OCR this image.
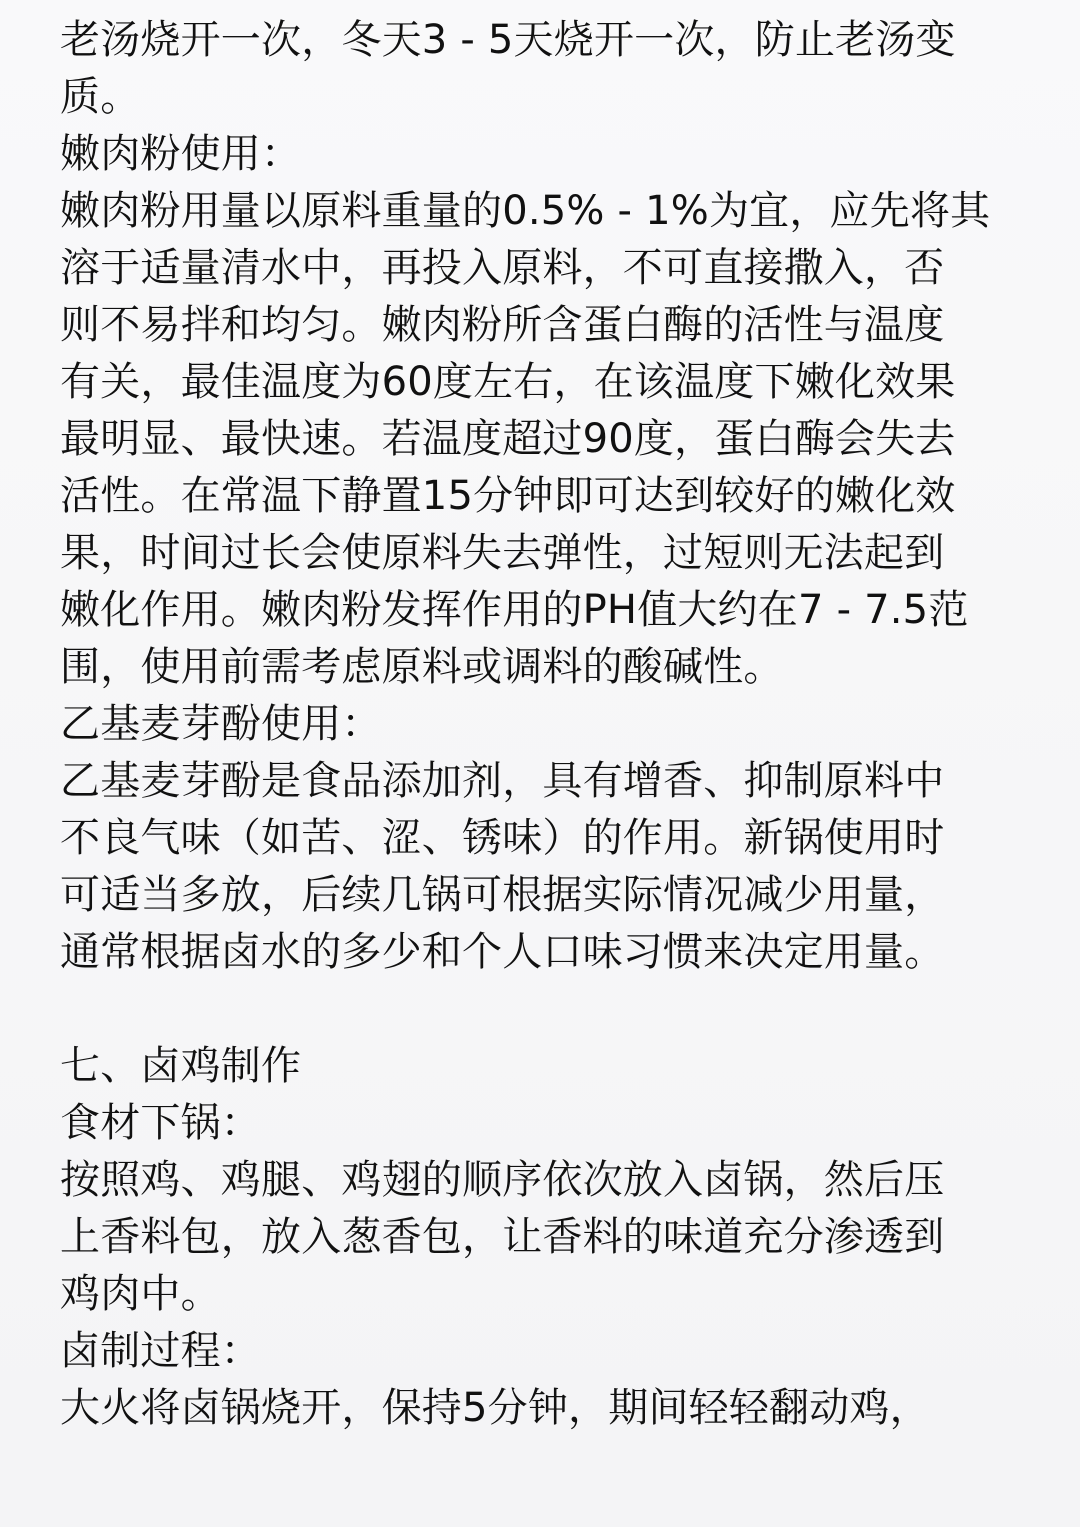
老汤烧开一次，冬天3 - 5天烧开一次，防止老汤变
质。
嫩肉粉使用：
嫩肉粉用量以原料重量的0.5% - 1%为宜，应先将其
溶于适量清水中，再投入原料，不可直接撒入，否
则不易拌和均匀。嫩肉粉所含蛋白酶的活性与温度
有关，最佳温度为60度左右，在该温度下嫩化效果
最明显、最快速。若温度超过90度，蛋白酶会失去
活性。在常温下静置15分钟即可达到较好的嫩化效
果，时间过长会使原料失去弹性，过短则无法起到
嫩化作用。嫩肉粉发挥作用的PH值大约在7 - 7.5范
围，使用前需考虑原料或调料的酸碱性。
乙基麦芽酚使用：
乙基麦芽酚是食品添加剂，具有增香、抑制原料中
不良气味（如苦、涩、锈味）的作用。新锅使用时
可适当多放，后续几锅可根据实际情况减少用量，
通常根据卤水的多少和个人口味习惯来决定用量。
七、卤鸡制作
食材下锅：
按照鸡、鸡腿、鸡翅的顺序依次放入卤锅，然后压
上香料包，放入葱香包，让香料的味道充分渗透到
鸡肉中。
卤制过程：
大火将卤锅烧开，保持5分钟，期间轻轻翻动鸡，
